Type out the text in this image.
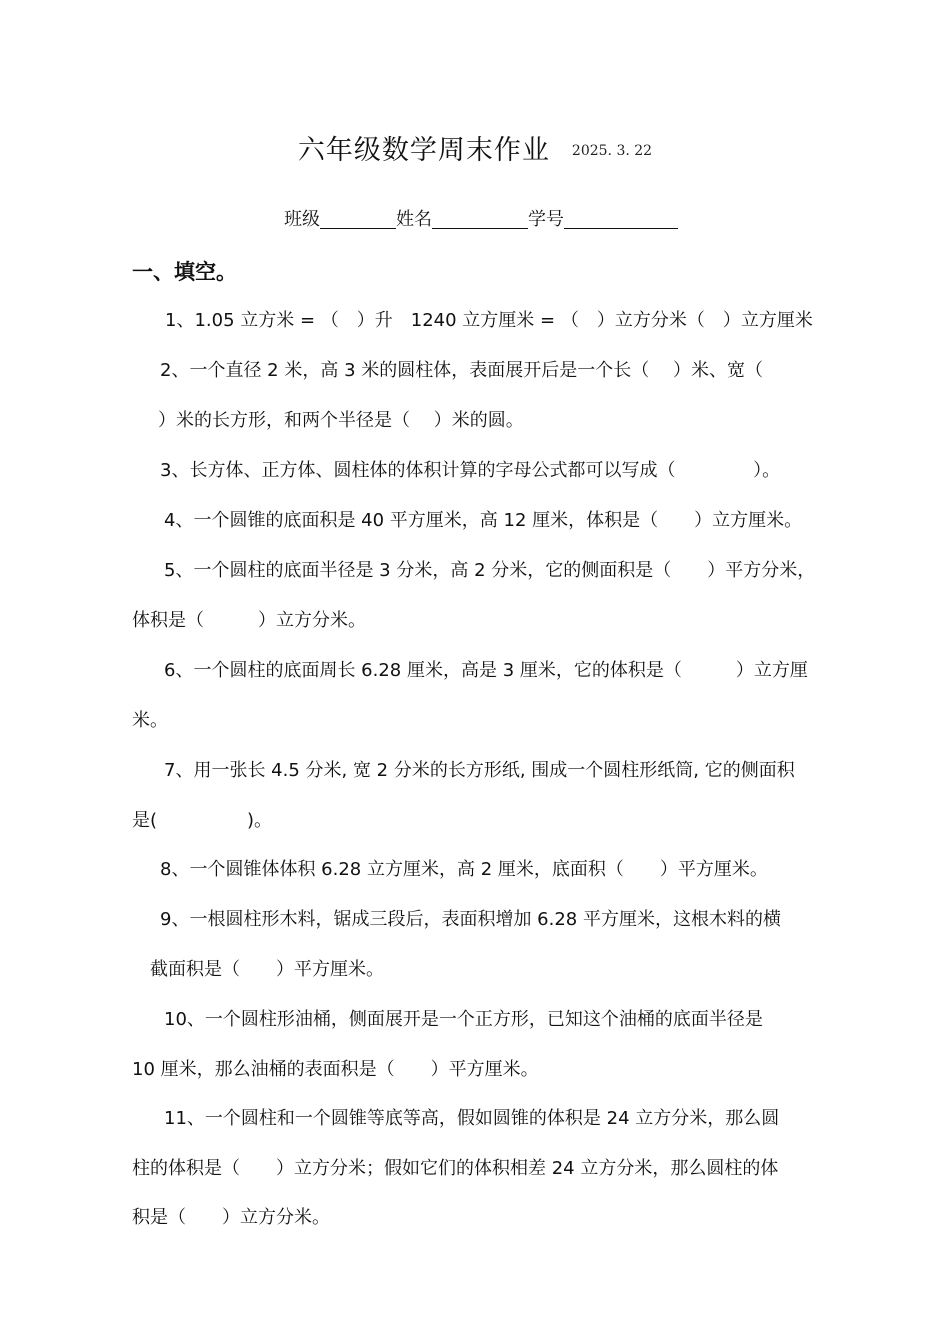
六年级数学周末作业 2025. 3. 22
班级	姓名	学号
一、填空。
1、1.05 立方米 = （　）升　1240 立方厘米 = （　）立方分米（　）立方厘米
2、一个直径 2 米，高 3 米的圆柱体，表面展开后是一个长（　 ）米、宽（
）米的长方形，和两个半径是（　 ）米的圆。
3、长方体、正方体、圆柱体的体积计算的字母公式都可以写成（　　　　 ）。
4、一个圆锥的底面积是 40 平方厘米，高 12 厘米，体积是（　　）立方厘米。
5、一个圆柱的底面半径是 3 分米，高 2 分米，它的侧面积是（　　）平方分米，
体积是（　　　）立方分米。
6、一个圆柱的底面周长 6.28 厘米，高是 3 厘米，它的体积是（　　　）立方厘
米。
7、用一张长 4.5 分米, 宽 2 分米的长方形纸, 围成一个圆柱形纸筒, 它的侧面积
是(　　　　　)。
8、一个圆锥体体积 6.28 立方厘米，高 2 厘米，底面积（　　）平方厘米。
9、一根圆柱形木料，锯成三段后，表面积增加 6.28 平方厘米，这根木料的横
截面积是（　　）平方厘米。
10、一个圆柱形油桶，侧面展开是一个正方形，已知这个油桶的底面半径是
10 厘米，那么油桶的表面积是（　　）平方厘米。
11、一个圆柱和一个圆锥等底等高，假如圆锥的体积是 24 立方分米，那么圆
柱的体积是（　　）立方分米；假如它们的体积相差 24 立方分米，那么圆柱的体
积是（　　）立方分米。
